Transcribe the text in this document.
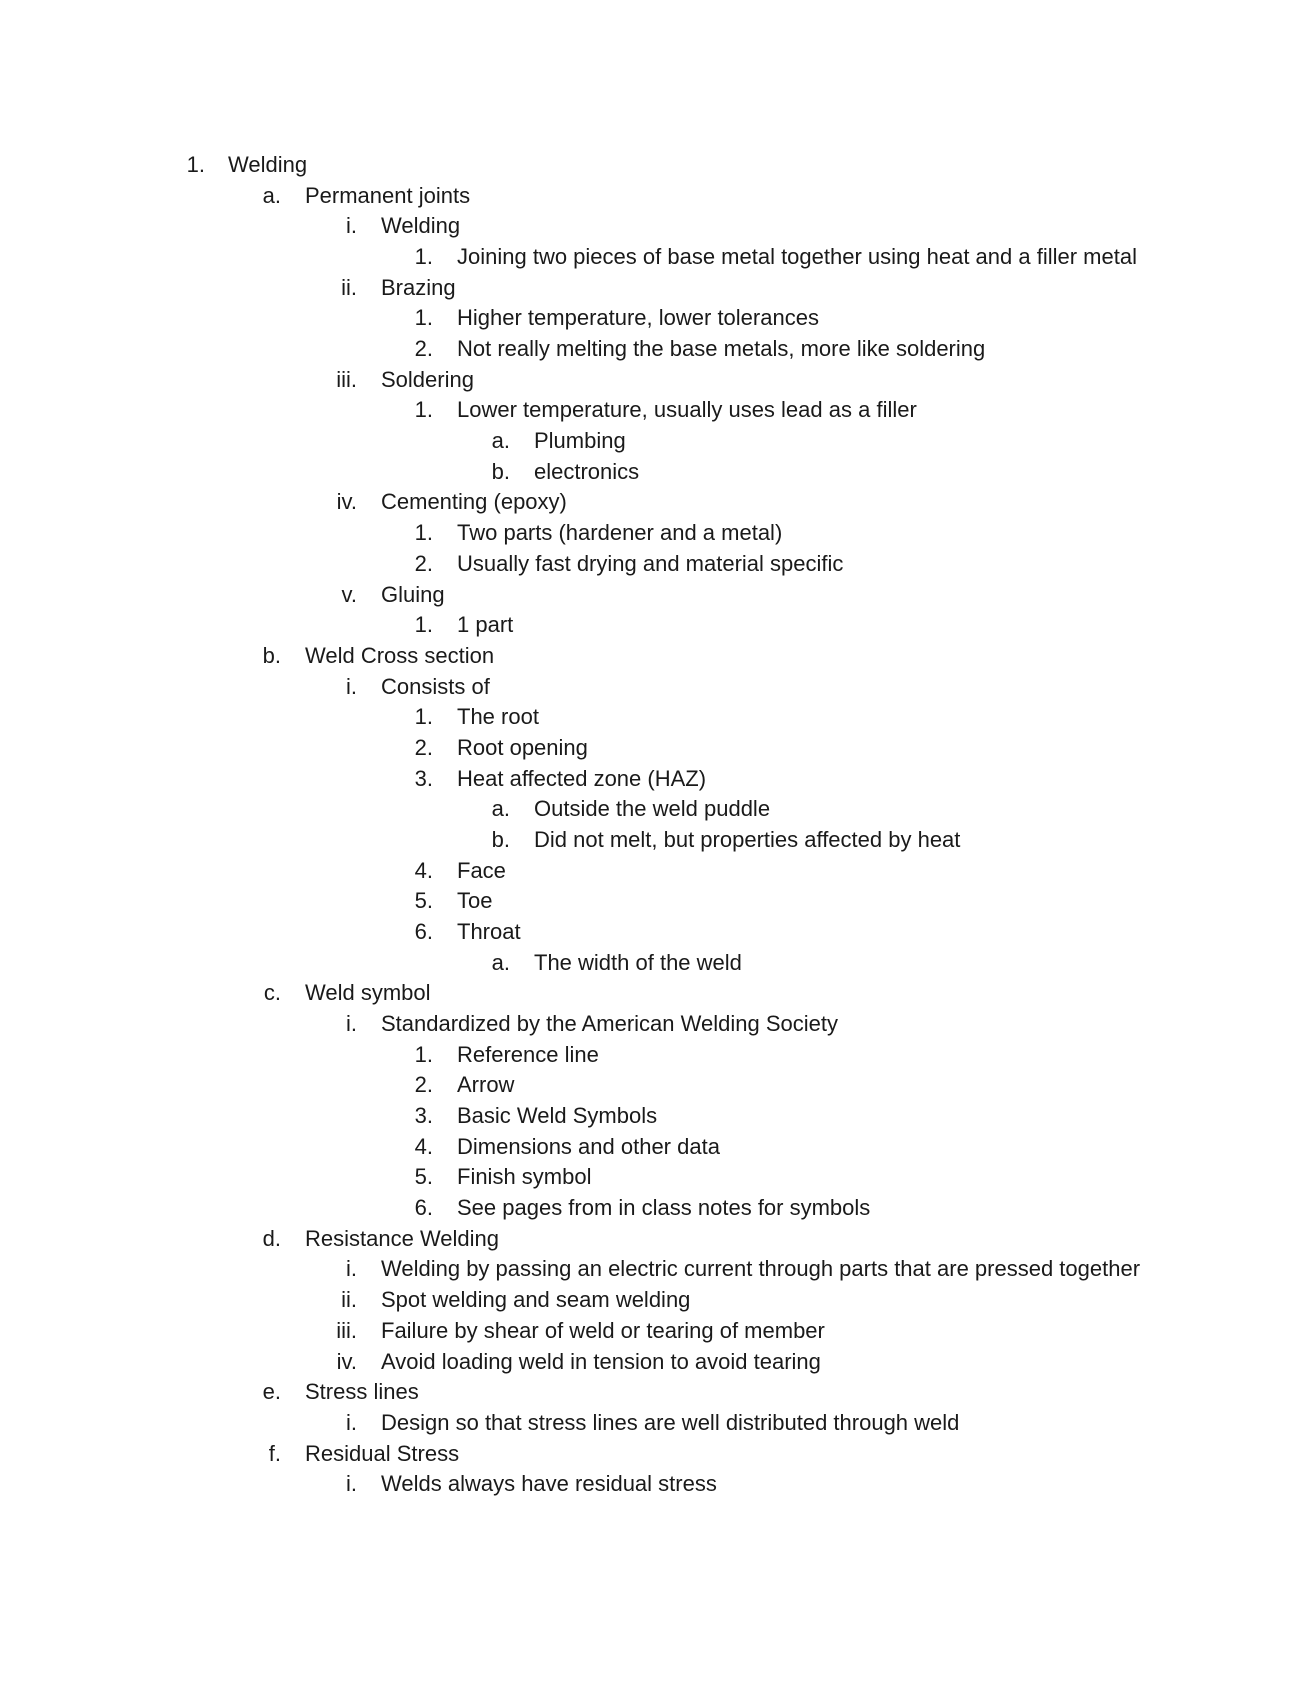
1. Welding
a. Permanent joints
i. Welding
1. Joining two pieces of base metal together using heat and a filler metal
ii. Brazing
1. Higher temperature, lower tolerances
2. Not really melting the base metals, more like soldering
iii. Soldering
1. Lower temperature, usually uses lead as a filler
a. Plumbing
b. electronics
iv. Cementing (epoxy)
1. Two parts (hardener and a metal)
2. Usually fast drying and material specific
v. Gluing
1. 1 part
b. Weld Cross section
i. Consists of
1. The root
2. Root opening
3. Heat affected zone (HAZ)
a. Outside the weld puddle
b. Did not melt, but properties affected by heat
4. Face
5. Toe
6. Throat
a. The width of the weld
c. Weld symbol
i. Standardized by the American Welding Society
1. Reference line
2. Arrow
3. Basic Weld Symbols
4. Dimensions and other data
5. Finish symbol
6. See pages from in class notes for symbols
d. Resistance Welding
i. Welding by passing an electric current through parts that are pressed together
ii. Spot welding and seam welding
iii. Failure by shear of weld or tearing of member
iv. Avoid loading weld in tension to avoid tearing
e. Stress lines
i. Design so that stress lines are well distributed through weld
f. Residual Stress
i. Welds always have residual stress
